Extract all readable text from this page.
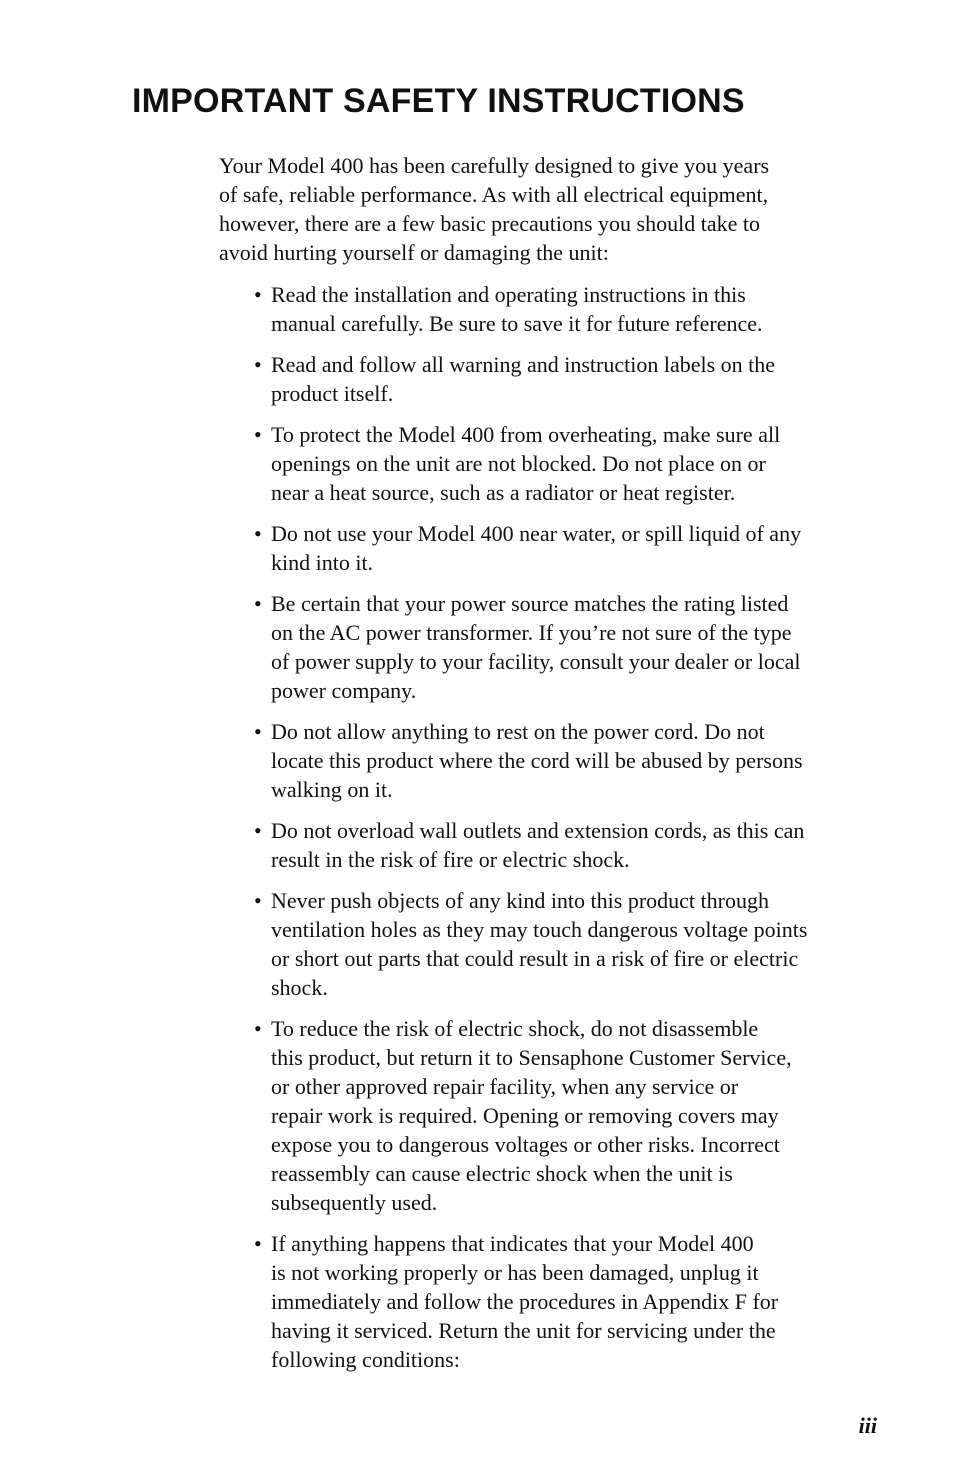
IMPORTANT SAFETY INSTRUCTIONS

Your Model 400 has been carefully designed to give you years
of safe, reliable performance. As with all electrical equipment,
however, there are a few basic precautions you should take to
avoid hurting yourself or damaging the unit:

• Read the installation and operating instructions in this
manual carefully. Be sure to save it for future reference.
• Read and follow all warning and instruction labels on the
product itself.
• To protect the Model 400 from overheating, make sure all
openings on the unit are not blocked. Do not place on or
near a heat source, such as a radiator or heat register.
• Do not use your Model 400 near water, or spill liquid of any
kind into it.
• Be certain that your power source matches the rating listed
on the AC power transformer. If you’re not sure of the type
of power supply to your facility, consult your dealer or local
power company.
• Do not allow anything to rest on the power cord. Do not
locate this product where the cord will be abused by persons
walking on it.
• Do not overload wall outlets and extension cords, as this can
result in the risk of fire or electric shock.
• Never push objects of any kind into this product through
ventilation holes as they may touch dangerous voltage points
or short out parts that could result in a risk of fire or electric
shock.
• To reduce the risk of electric shock, do not disassemble
this product, but return it to Sensaphone Customer Service,
or other approved repair facility, when any service or
repair work is required. Opening or removing covers may
expose you to dangerous voltages or other risks. Incorrect
reassembly can cause electric shock when the unit is
subsequently used.
• If anything happens that indicates that your Model 400
is not working properly or has been damaged, unplug it
immediately and follow the procedures in Appendix F for
having it serviced. Return the unit for servicing under the
following conditions:
iii
